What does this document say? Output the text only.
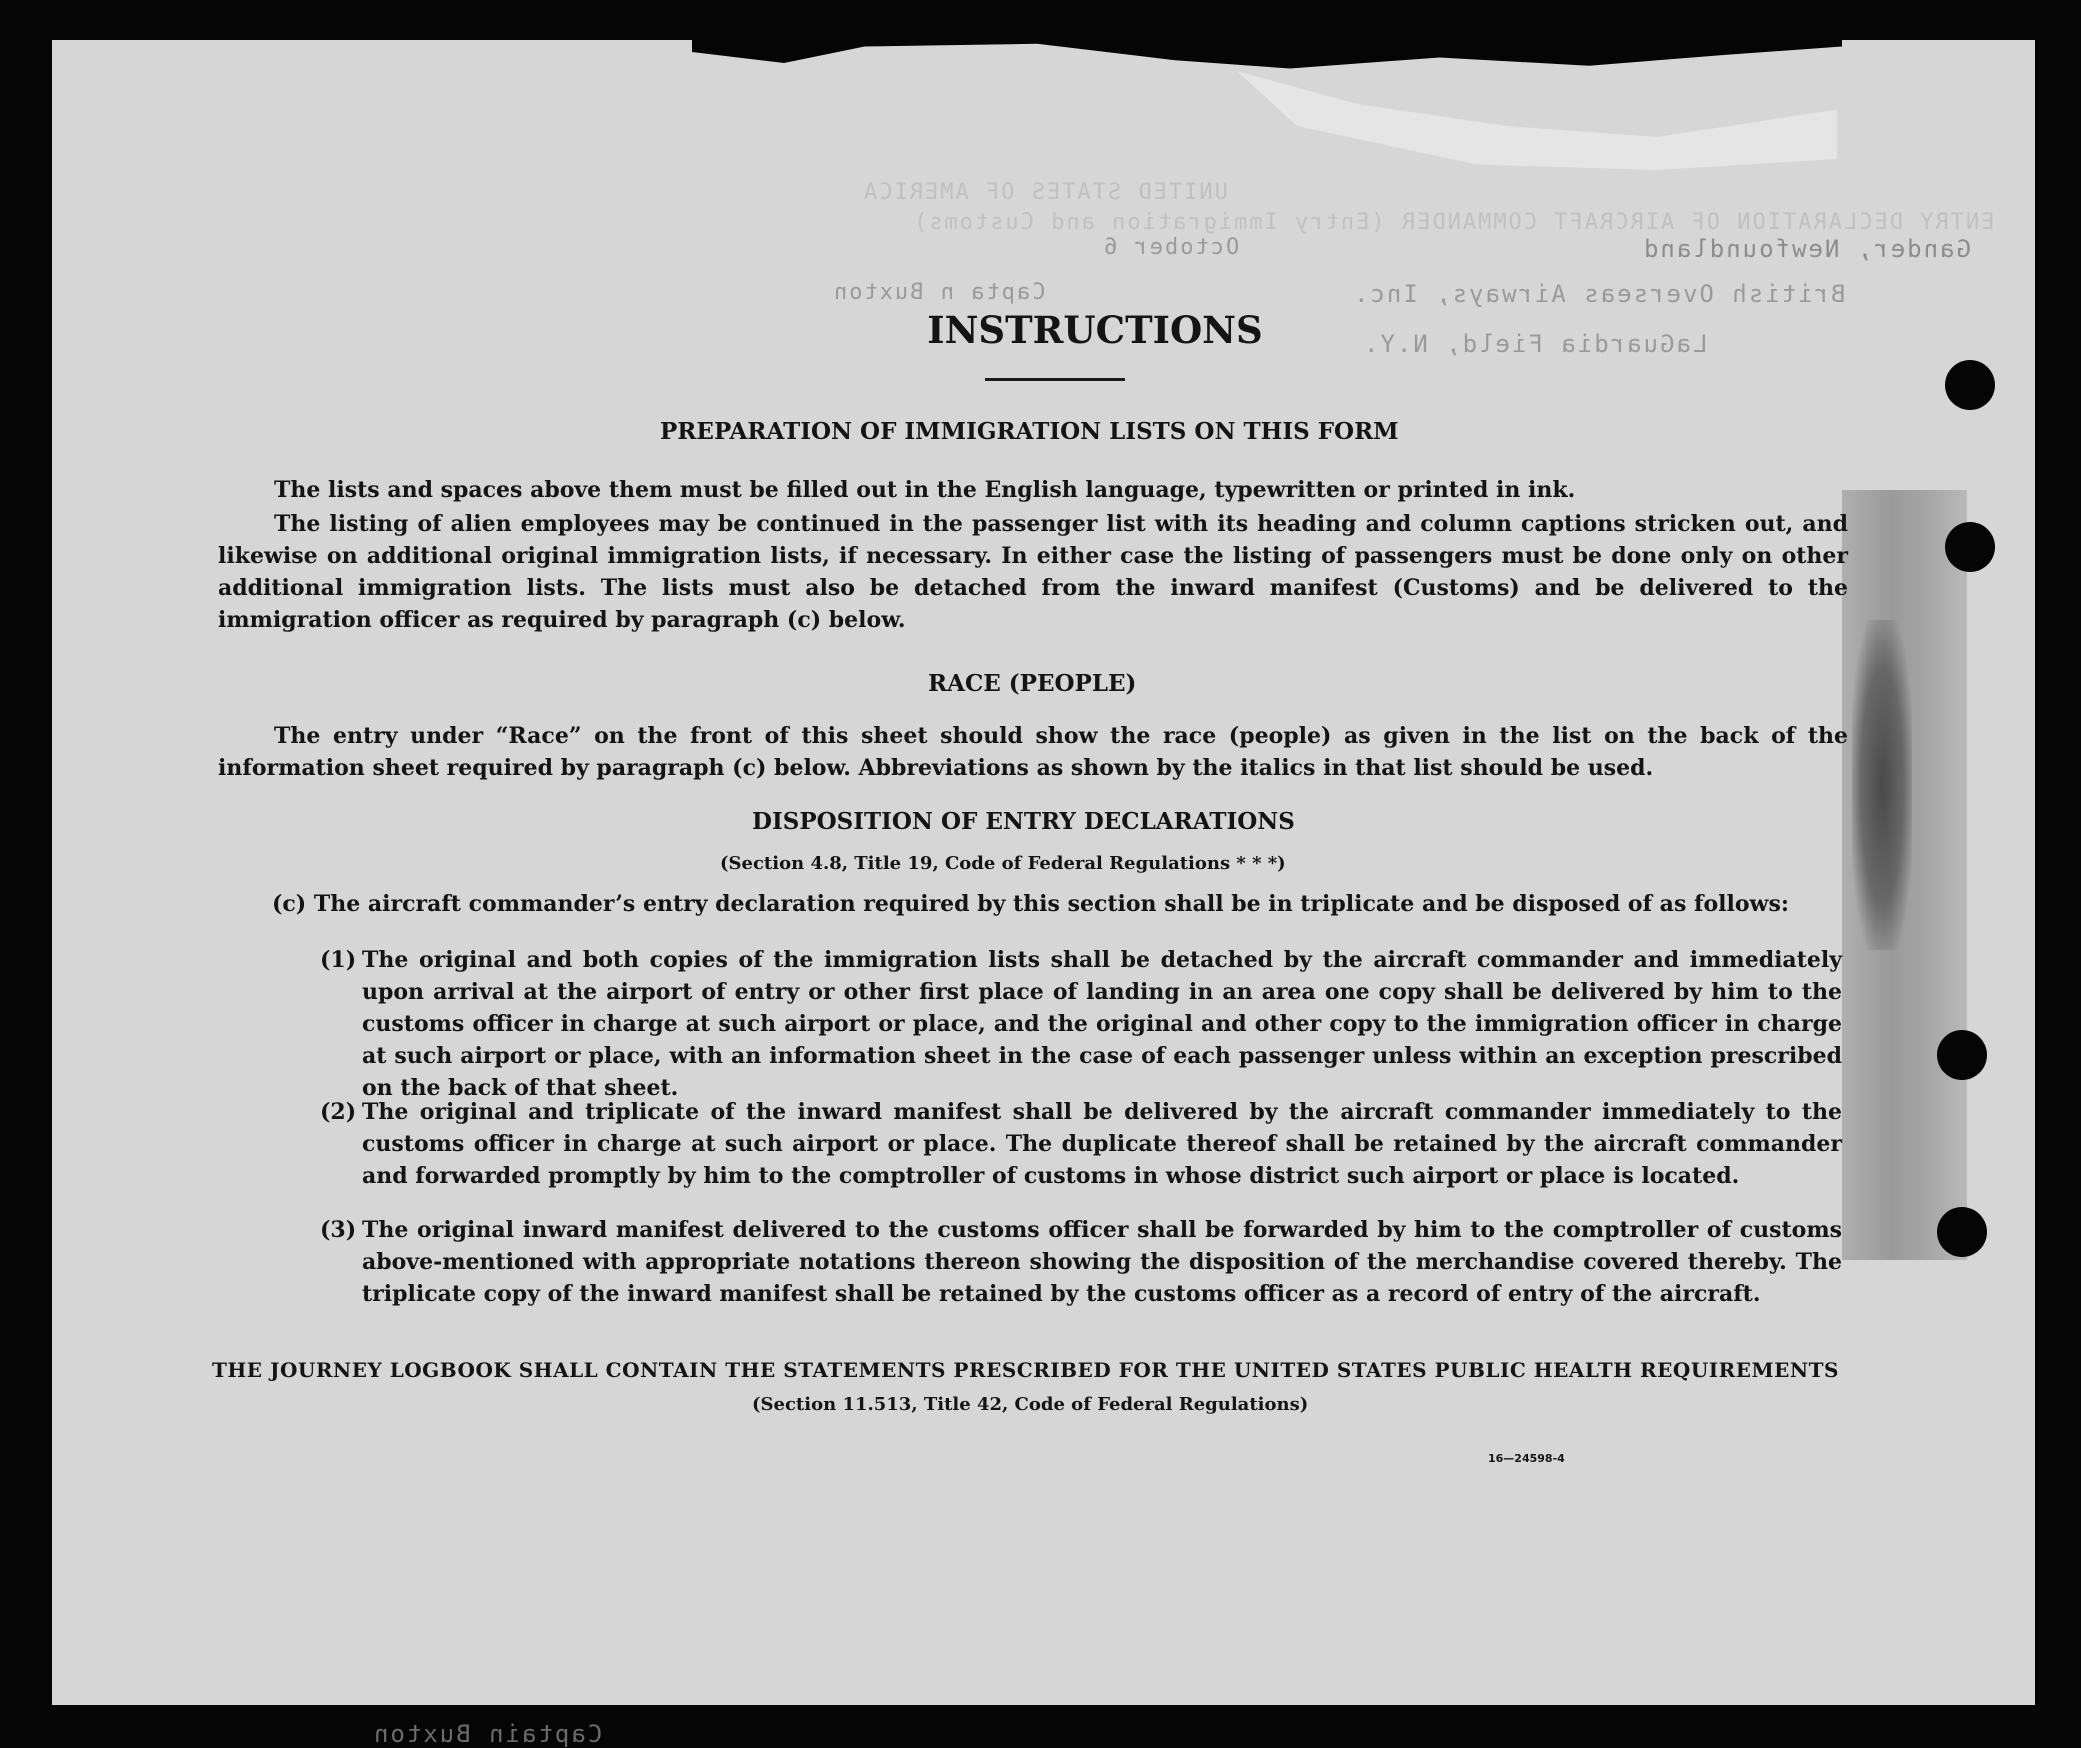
Gander, Newfoundland
British Overseas Airways, Inc.
LaGuardia Field, N.Y.
October 6
Capta n Buxton
Captain Buxton
UNITED STATES OF AMERICA
ENTRY DECLARATION OF AIRCRAFT COMMANDER (Entry Immigration and Customs)
INSTRUCTIONS
PREPARATION OF IMMIGRATION LISTS ON THIS FORM

The lists and spaces above them must be filled out in the English language, typewritten or printed in ink.

The listing of alien employees may be continued in the passenger list with its heading and column captions stricken out, and likewise on additional original immigration lists, if necessary. In either case the listing of passengers must be done only on other additional immigration lists. The lists must also be detached from the inward manifest (Customs) and be delivered to the immigration officer as required by paragraph (c) below.

RACE (PEOPLE)

The entry under “Race” on the front of this sheet should show the race (people) as given in the list on the back of the information sheet required by paragraph (c) below. Abbreviations as shown by the italics in that list should be used.

DISPOSITION OF ENTRY DECLARATIONS

(Section 4.8, Title 19, Code of Federal Regulations * * *)

(c) The aircraft commander’s entry declaration required by this section shall be in triplicate and be disposed of as follows:

(1) The original and both copies of the immigration lists shall be detached by the aircraft commander and immediately upon arrival at the airport of entry or other first place of landing in an area one copy shall be delivered by him to the customs officer in charge at such airport or place, and the original and other copy to the immigration officer in charge at such airport or place, with an information sheet in the case of each passenger unless within an exception prescribed on the back of that sheet.
(2) The original and triplicate of the inward manifest shall be delivered by the aircraft commander immediately to the customs officer in charge at such airport or place. The duplicate thereof shall be retained by the aircraft commander and forwarded promptly by him to the comptroller of customs in whose district such airport or place is located.
(3) The original inward manifest delivered to the customs officer shall be forwarded by him to the comptroller of customs above-mentioned with appropriate notations thereon showing the disposition of the merchandise covered thereby. The triplicate copy of the inward manifest shall be retained by the customs officer as a record of entry of the aircraft.
THE JOURNEY LOGBOOK SHALL CONTAIN THE STATEMENTS PRESCRIBED FOR THE UNITED STATES PUBLIC HEALTH REQUIREMENTS

(Section 11.513, Title 42, Code of Federal Regulations)

16—24598-4
